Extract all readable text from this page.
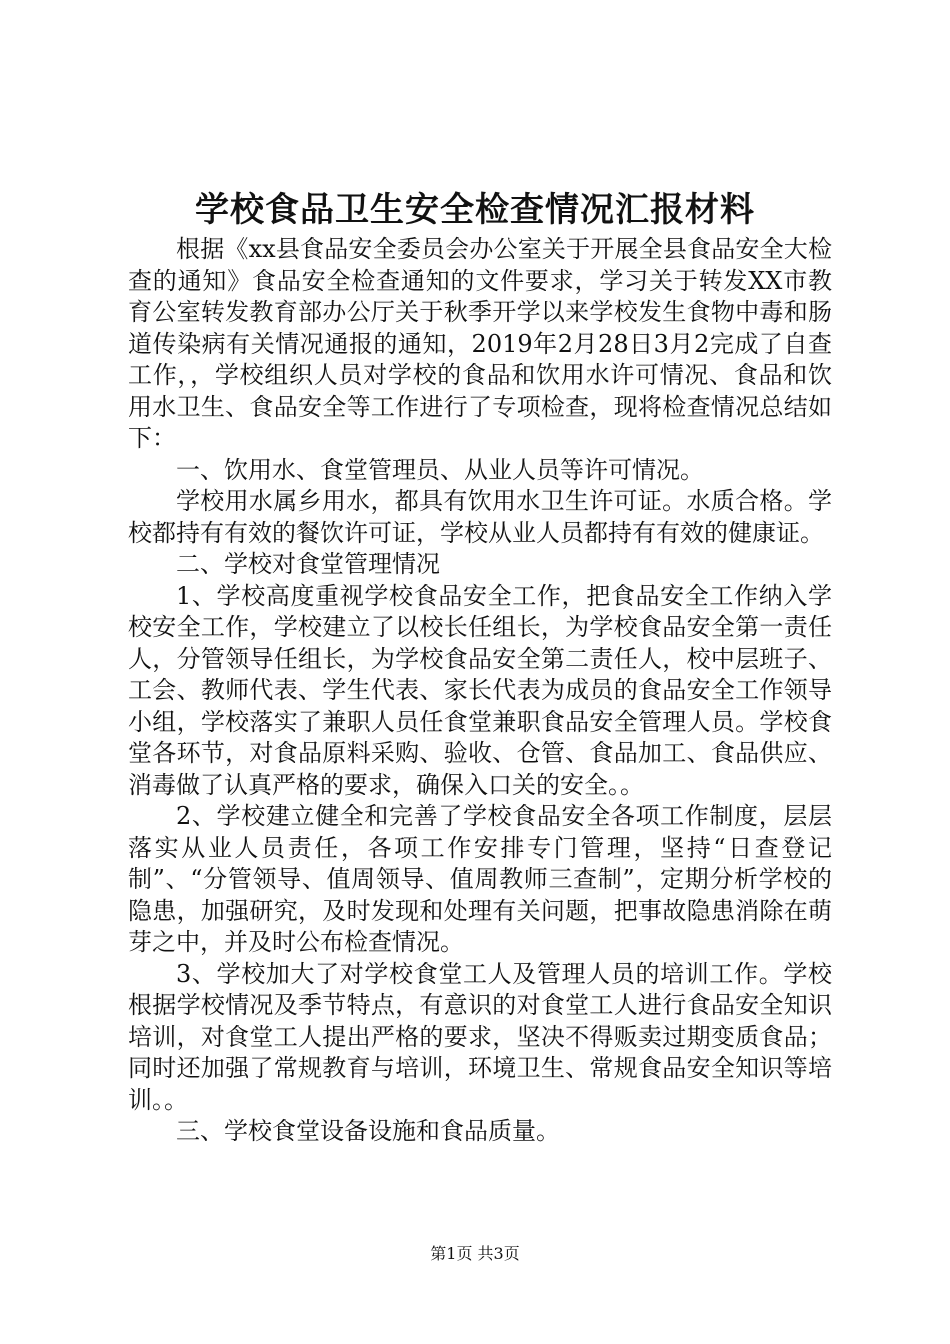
学校食品卫生安全检查情况汇报材料

根据《xx县食品安全委员会办公室关于开展全县食品安全大检查的通知》食品安全检查通知的文件要求，学习关于转发XX市教育公室转发教育部办公厅关于秋季开学以来学校发生食物中毒和肠道传染病有关情况通报的通知，2019年2月28日3月2完成了自查工作，，学校组织人员对学校的食品和饮用水许可情况、食品和饮用水卫生、食品安全等工作进行了专项检查，现将检查情况总结如下：

一、饮用水、食堂管理员、从业人员等许可情况。

学校用水属乡用水，都具有饮用水卫生许可证。水质合格。学校都持有有效的餐饮许可证，学校从业人员都持有有效的健康证。

二、学校对食堂管理情况

1、学校高度重视学校食品安全工作，把食品安全工作纳入学校安全工作，学校建立了以校长任组长，为学校食品安全第一责任人，分管领导任组长，为学校食品安全第二责任人，校中层班子、工会、教师代表、学生代表、家长代表为成员的食品安全工作领导小组，学校落实了兼职人员任食堂兼职食品安全管理人员。学校食堂各环节，对食品原料采购、验收、仓管、食品加工、食品供应、消毒做了认真严格的要求，确保入口关的安全。。

2、学校建立健全和完善了学校食品安全各项工作制度，层层落实从业人员责任，各项工作安排专门管理，坚持“日查登记制”、“分管领导、值周领导、值周教师三查制”，定期分析学校的隐患，加强研究，及时发现和处理有关问题，把事故隐患消除在萌芽之中，并及时公布检查情况。

3、学校加大了对学校食堂工人及管理人员的培训工作。学校根据学校情况及季节特点，有意识的对食堂工人进行食品安全知识培训，对食堂工人提出严格的要求，坚决不得贩卖过期变质食品；同时还加强了常规教育与培训，环境卫生、常规食品安全知识等培训。。

三、学校食堂设备设施和食品质量。

第1页 共3页
